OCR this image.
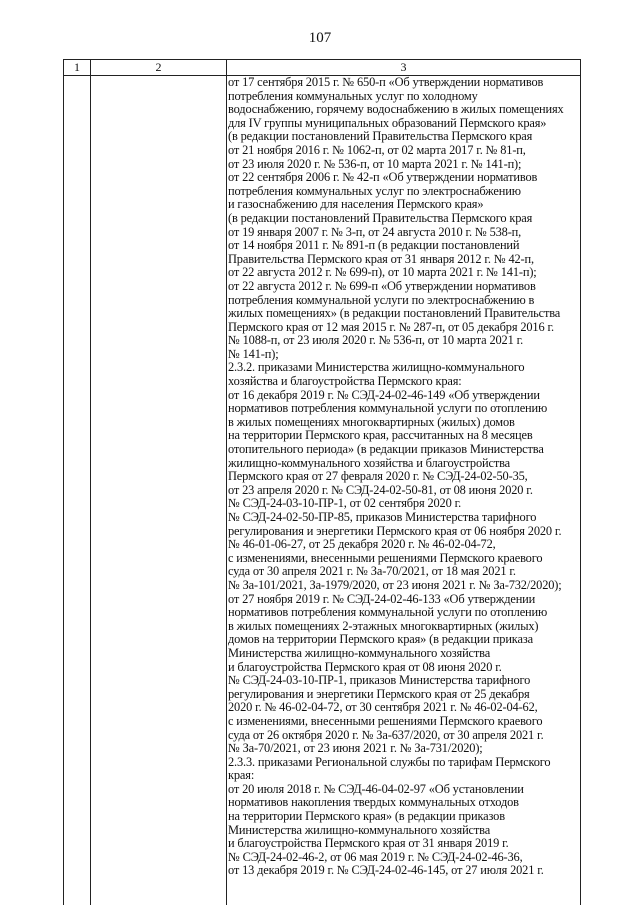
107
1	2	3
от 17 сентября 2015 г. № 650-п «Об утверждении нормативов
потребления коммунальных услуг по холодному
водоснабжению, горячему водоснабжению в жилых помещениях
для IV группы муниципальных образований Пермского края»
(в редакции постановлений Правительства Пермского края
от 21 ноября 2016 г. № 1062-п, от 02 марта 2017 г. № 81-п,
от 23 июля 2020 г. № 536-п, от 10 марта 2021 г. № 141-п);
от 22 сентября 2006 г. № 42-п «Об утверждении нормативов
потребления коммунальных услуг по электроснабжению
и газоснабжению для населения Пермского края»
(в редакции постановлений Правительства Пермского края
от 19 января 2007 г. № 3-п, от 24 августа 2010 г. № 538-п,
от 14 ноября 2011 г. № 891-п (в редакции постановлений
Правительства Пермского края от 31 января 2012 г. № 42-п,
от 22 августа 2012 г. № 699-п), от 10 марта 2021 г. № 141-п);
от 22 августа 2012 г. № 699-п «Об утверждении нормативов
потребления коммунальной услуги по электроснабжению в
жилых помещениях» (в редакции постановлений Правительства
Пермского края от 12 мая 2015 г. № 287-п, от 05 декабря 2016 г.
№ 1088-п, от 23 июля 2020 г. № 536-п, от 10 марта 2021 г.
№ 141-п);
2.3.2. приказами Министерства жилищно-коммунального
хозяйства и благоустройства Пермского края:
от 16 декабря 2019 г. № СЭД-24-02-46-149 «Об утверждении
нормативов потребления коммунальной услуги по отоплению
в жилых помещениях многоквартирных (жилых) домов
на территории Пермского края, рассчитанных на 8 месяцев
отопительного периода» (в редакции приказов Министерства
жилищно-коммунального хозяйства и благоустройства
Пермского края от 27 февраля 2020 г. № СЭД-24-02-50-35,
от 23 апреля 2020 г. № СЭД-24-02-50-81, от 08 июня 2020 г.
№ СЭД-24-03-10-ПР-1, от 02 сентября 2020 г.
№ СЭД-24-02-50-ПР-85, приказов Министерства тарифного
регулирования и энергетики Пермского края от 06 ноября 2020 г.
№ 46-01-06-27, от 25 декабря 2020 г. № 46-02-04-72,
с изменениями, внесенными решениями Пермского краевого
суда от 30 апреля 2021 г. № За-70/2021, от 18 мая 2021 г.
№ За-101/2021, За-1979/2020, от 23 июня 2021 г. № За-732/2020);
от 27 ноября 2019 г. № СЭД-24-02-46-133 «Об утверждении
нормативов потребления коммунальной услуги по отоплению
в жилых помещениях 2-этажных многоквартирных (жилых)
домов на территории Пермского края» (в редакции приказа
Министерства жилищно-коммунального хозяйства
и благоустройства Пермского края от 08 июня 2020 г.
№ СЭД-24-03-10-ПР-1, приказов Министерства тарифного
регулирования и энергетики Пермского края от 25 декабря
2020 г. № 46-02-04-72, от 30 сентября 2021 г. № 46-02-04-62,
с изменениями, внесенными решениями Пермского краевого
суда от 26 октября 2020 г. № За-637/2020, от 30 апреля 2021 г.
№ За-70/2021, от 23 июня 2021 г. № За-731/2020);
2.3.3. приказами Региональной службы по тарифам Пермского
края:
от 20 июля 2018 г. № СЭД-46-04-02-97 «Об установлении
нормативов накопления твердых коммунальных отходов
на территории Пермского края» (в редакции приказов
Министерства жилищно-коммунального хозяйства
и благоустройства Пермского края от 31 января 2019 г.
№ СЭД-24-02-46-2, от 06 мая 2019 г. № СЭД-24-02-46-36,
от 13 декабря 2019 г. № СЭД-24-02-46-145, от 27 июля 2021 г.
